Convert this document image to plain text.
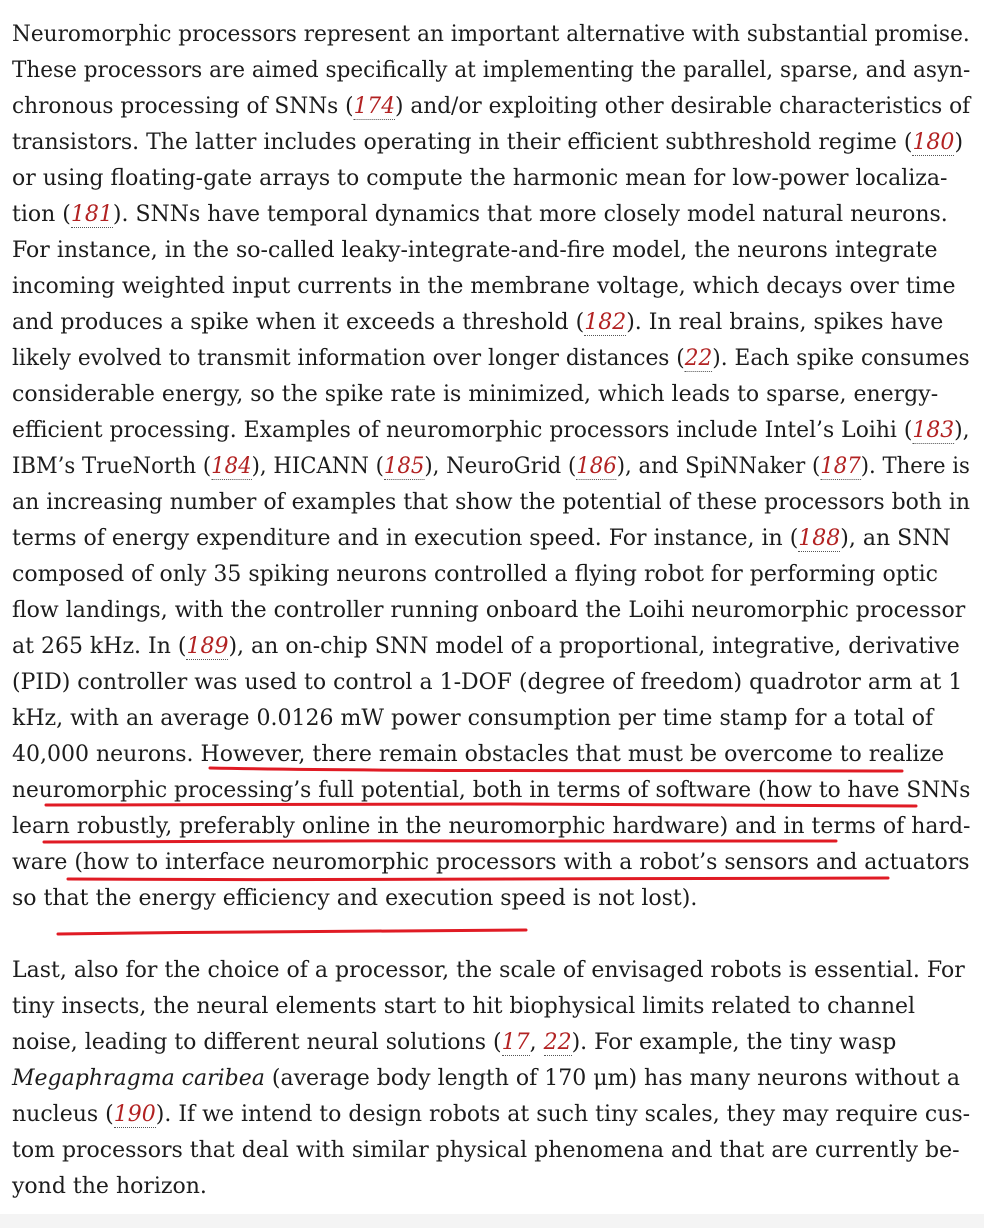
Neuromorphic processors represent an important alternative with substantial promise.
These processors are aimed specifically at implementing the parallel, sparse, and asyn-
chronous processing of SNNs (174) and/or exploiting other desirable characteristics of
transistors. The latter includes operating in their efficient subthreshold regime (180)
or using floating-gate arrays to compute the harmonic mean for low-power localiza-
tion (181). SNNs have temporal dynamics that more closely model natural neurons.
For instance, in the so-called leaky-integrate-and-fire model, the neurons integrate
incoming weighted input currents in the membrane voltage, which decays over time
and produces a spike when it exceeds a threshold (182). In real brains, spikes have
likely evolved to transmit information over longer distances (22). Each spike consumes
considerable energy, so the spike rate is minimized, which leads to sparse, energy-
efficient processing. Examples of neuromorphic processors include Intel’s Loihi (183),
IBM’s TrueNorth (184), HICANN (185), NeuroGrid (186), and SpiNNaker (187). There is
an increasing number of examples that show the potential of these processors both in
terms of energy expenditure and in execution speed. For instance, in (188), an SNN
composed of only 35 spiking neurons controlled a flying robot for performing optic
flow landings, with the controller running onboard the Loihi neuromorphic processor
at 265 kHz. In (189), an on-chip SNN model of a proportional, integrative, derivative
(PID) controller was used to control a 1-DOF (degree of freedom) quadrotor arm at 1
kHz, with an average 0.0126 mW power consumption per time stamp for a total of
40,000 neurons. However, there remain obstacles that must be overcome to realize
neuromorphic processing’s full potential, both in terms of software (how to have SNNs
learn robustly, preferably online in the neuromorphic hardware) and in terms of hard-
ware (how to interface neuromorphic processors with a robot’s sensors and actuators
so that the energy efficiency and execution speed is not lost).
Last, also for the choice of a processor, the scale of envisaged robots is essential. For
tiny insects, the neural elements start to hit biophysical limits related to channel
noise, leading to different neural solutions (17, 22). For example, the tiny wasp
Megaphragma caribea (average body length of 170 μm) has many neurons without a
nucleus (190). If we intend to design robots at such tiny scales, they may require cus-
tom processors that deal with similar physical phenomena and that are currently be-
yond the horizon.
